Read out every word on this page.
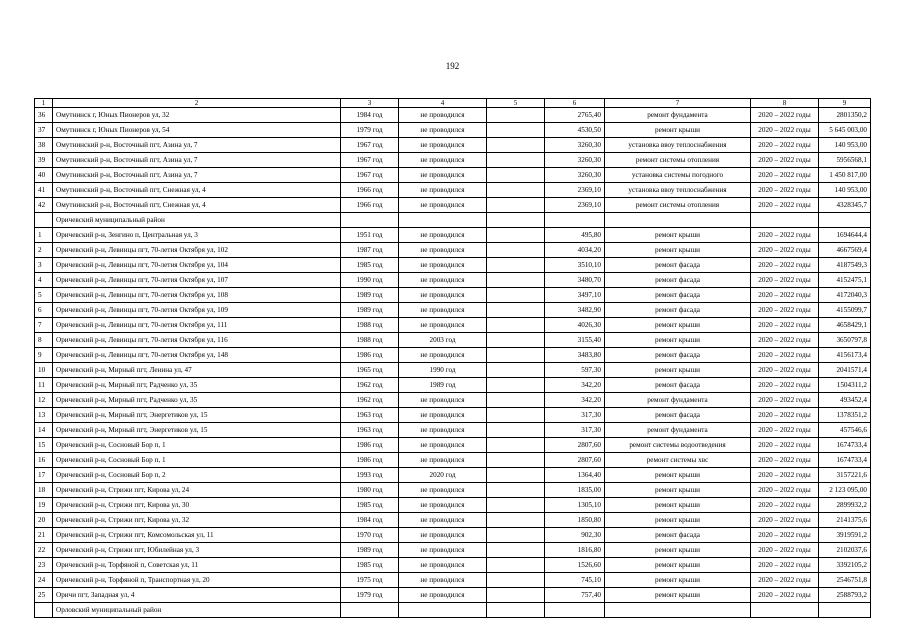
192
1	2	3	4	5	6	7	8	9
36	Омутнинск г, Юных Пионеров ул, 32	1984 год	не проводился		2765,40	ремонт фундамента	2020 – 2022 годы	2801350,2
37	Омутнинск г, Юных Пионеров ул, 54	1979 год	не проводился		4530,50	ремонт крыши	2020 – 2022 годы	5 645 003,00
38	Омутнинский р-н, Восточный пгт, Азина ул, 7	1967 год	не проводился		3260,30	установка ввоу теплоснабжения	2020 – 2022 годы	140 953,00
39	Омутнинский р-н, Восточный пгт, Азина ул, 7	1967 год	не проводился		3260,30	ремонт системы отопления	2020 – 2022 годы	5956568,1
40	Омутнинский р-н, Восточный пгт, Азина ул, 7	1967 год	не проводился		3260,30	установка системы погодного	2020 – 2022 годы	1 450 817,00
41	Омутнинский р-н, Восточный пгт, Снежная ул, 4	1966 год	не проводился		2369,10	установка ввоу теплоснабжения	2020 – 2022 годы	140 953,00
42	Омутнинский р-н, Восточный пгт, Снежная ул, 4	1966 год	не проводился		2369,10	ремонт системы отопления	2020 – 2022 годы	4328345,7
	Оричевский муниципальный район							
1	Оричевский р-н, Зенгино п, Центральная ул, 3	1951 год	не проводился		495,80	ремонт крыши	2020 – 2022 годы	1694644,4
2	Оричевский р-н, Левинцы пгт, 70-летия Октября ул, 102	1987 год	не проводился		4034,20	ремонт крыши	2020 – 2022 годы	4667569,4
3	Оричевский р-н, Левинцы пгт, 70-летия Октября ул, 104	1985 год	не проводился		3510,10	ремонт фасада	2020 – 2022 годы	4187549,3
4	Оричевский р-н, Левинцы пгт, 70-летия Октября ул, 107	1990 год	не проводился		3480,70	ремонт фасада	2020 – 2022 годы	4152475,1
5	Оричевский р-н, Левинцы пгт, 70-летия Октября ул, 108	1989 год	не проводился		3497,10	ремонт фасада	2020 – 2022 годы	4172040,3
6	Оричевский р-н, Левинцы пгт, 70-летия Октября ул, 109	1989 год	не проводился		3482,90	ремонт фасада	2020 – 2022 годы	4155099,7
7	Оричевский р-н, Левинцы пгт, 70-летия Октября ул, 111	1988 год	не проводился		4026,30	ремонт крыши	2020 – 2022 годы	4658429,1
8	Оричевский р-н, Левинцы пгт, 70-летия Октября ул, 116	1988 год	2003 год		3155,40	ремонт крыши	2020 – 2022 годы	3650797,8
9	Оричевский р-н, Левинцы пгт, 70-летия Октября ул, 148	1986 год	не проводился		3483,80	ремонт фасада	2020 – 2022 годы	4156173,4
10	Оричевский р-н, Мирный пгт, Ленина ул, 47	1965 год	1990 год		597,30	ремонт крыши	2020 – 2022 годы	2041571,4
11	Оричевский р-н, Мирный пгт, Радченко ул, 35	1962 год	1989 год		342,20	ремонт фасада	2020 – 2022 годы	1504311,2
12	Оричевский р-н, Мирный пгт, Радченко ул, 35	1962 год	не проводился		342,20	ремонт фундамента	2020 – 2022 годы	493452,4
13	Оричевский р-н, Мирный пгт, Энергетиков ул, 15	1963 год	не проводился		317,30	ремонт фасада	2020 – 2022 годы	1378351,2
14	Оричевский р-н, Мирный пгт, Энергетиков ул, 15	1963 год	не проводился		317,30	ремонт фундамента	2020 – 2022 годы	457546,6
15	Оричевский р-н, Сосновый Бор п, 1	1986 год	не проводился		2807,60	ремонт системы водоотведения	2020 – 2022 годы	1674733,4
16	Оричевский р-н, Сосновый Бор п, 1	1986 год	не проводился		2807,60	ремонт системы хвс	2020 – 2022 годы	1674733,4
17	Оричевский р-н, Сосновый Бор п, 2	1993 год	2020 год		1364,40	ремонт крыши	2020 – 2022 годы	3157221,6
18	Оричевский р-н, Стрижи пгт, Кирова ул, 24	1980 год	не проводился		1835,00	ремонт крыши	2020 – 2022 годы	2 123 095,00
19	Оричевский р-н, Стрижи пгт, Кирова ул, 30	1985 год	не проводился		1305,10	ремонт крыши	2020 – 2022 годы	2899932,2
20	Оричевский р-н, Стрижи пгт, Кирова ул, 32	1984 год	не проводился		1850,80	ремонт крыши	2020 – 2022 годы	2141375,6
21	Оричевский р-н, Стрижи пгт, Комсомольская ул, 11	1970 год	не проводился		902,30	ремонт фасада	2020 – 2022 годы	3919591,2
22	Оричевский р-н, Стрижи пгт, Юбилейная ул, 3	1989 год	не проводился		1816,80	ремонт крыши	2020 – 2022 годы	2102037,6
23	Оричевский р-н, Торфяной п, Советская ул, 11	1985 год	не проводился		1526,60	ремонт крыши	2020 – 2022 годы	3392105,2
24	Оричевский р-н, Торфяной п, Транспортная ул, 20	1975 год	не проводился		745,10	ремонт крыши	2020 – 2022 годы	2546751,8
25	Оричи пгт, Западная ул, 4	1979 год	не проводился		757,40	ремонт крыши	2020 – 2022 годы	2588793,2
	Орловский муниципальный район							
